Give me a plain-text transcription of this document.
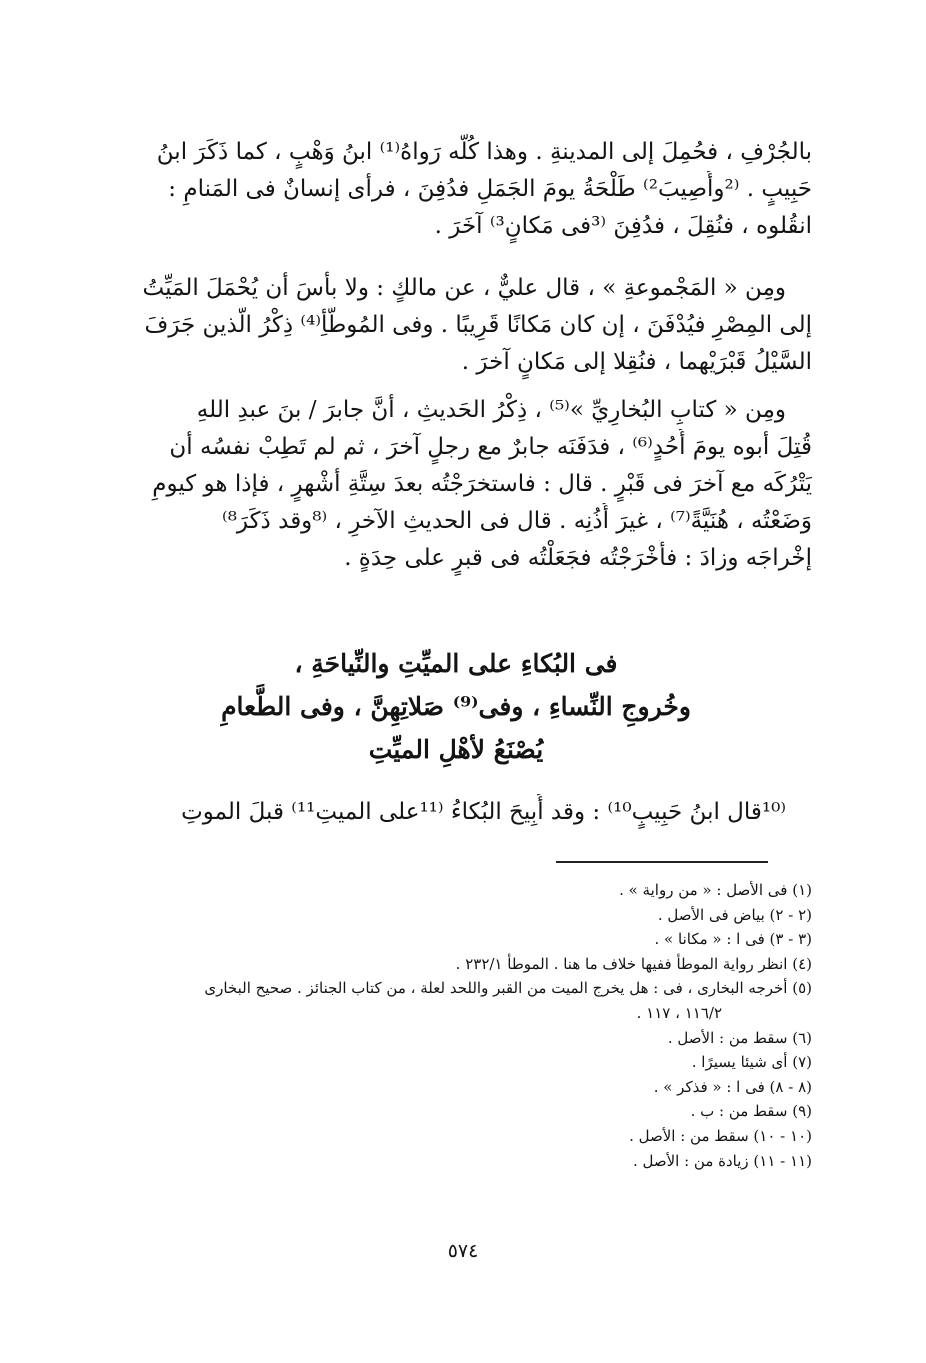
بالجُرْفِ ، فحُمِلَ إلى المدينةِ . وهذا كُلُّه رَواهُ⁽¹⁾ ابنُ وَهْبٍ ، كما ذَكَرَ ابنُ
حَبِيبٍ . ⁽²وأُصِيبَ²⁾ طَلْحَةُ يومَ الجَمَلِ فدُفِنَ ، فرأى إنسانٌ فى المَنامِ :
انقُلوه ، فنُقِلَ ، فدُفِنَ ⁽³فى مَكانٍ³⁾ آخَرَ .
ومِن « المَجْموعةِ » ، قال عليٌّ ، عن مالكٍ : ولا بأْسَ أن يُحْمَلَ المَيِّتُ
إلى المِصْرِ فيُدْفَنَ ، إن كان مَكانًا قَرِيبًا . وفى المُوطَّأِ⁽⁴⁾ ذِكْرُ الَّذين جَرَفَ
السَّيْلُ قَبْرَيْهما ، فنُقِلا إلى مَكانٍ آخرَ .
ومِن « كتابِ البُخارِيِّ »⁽⁵⁾ ، ذِكْرُ الحَديثِ ، أنَّ جابرَ / بنَ عبدِ اللهِ
قُتِلَ أبوه يومَ أُحُدٍ⁽⁶⁾ ، فدَفَنَه جابرٌ مع رجلٍ آخرَ ، ثم لم تَطِبْ نفسُه أن
يَتْرُكَه مع آخرَ فى قَبْرٍ . قال : فاستخرَجْتُه بعدَ سِتَّةِ أشْهرٍ ، فإذا هو كيومِ
وَضَعْتُه ، هُنَيَّةً⁽⁷⁾ ، غيرَ أُذُنِه . قال فى الحديثِ الآخرِ ، ⁽⁸وقد ذَكَرَ⁸⁾
إخْراجَه وزادَ : فأَخْرَجْتُه فجَعَلْتُه فى قبرٍ على حِدَةٍ .
فى البُكاءِ على الميِّتِ والنِّياحَةِ ،
وخُروجِ النِّساءِ ، وفى⁽⁹⁾ صَلاتِهِنَّ ، وفى الطَّعامِ
يُصْنَعُ لأهْلِ الميِّتِ
⁽¹⁰قال ابنُ حَبِيبٍ¹⁰⁾ : وقد أُبِيحَ البُكاءُ ⁽¹¹على الميتِ¹¹⁾ قبلَ الموتِ
(١) فى الأصل : « من رواية » .
(٢ - ٢) بياض فى الأصل .
(٣ - ٣) فى ا : « مكانا » .
(٤) انظر رواية الموطأ ففيها خلاف ما هنا . الموطأ ٢٣٢/١ .
(٥) أخرجه البخارى ، فى : هل يخرج الميت من القبر واللحد لعلة ، من كتاب الجنائز . صحيح البخارى
١١٦/٢ ، ١١٧ .
(٦) سقط من : الأصل .
(٧) أى شيئا يسيرًا .
(٨ - ٨) فى ا : « فذكر » .
(٩) سقط من : ب .
(١٠ - ١٠) سقط من : الأصل .
(١١ - ١١) زيادة من : الأصل .
٥٧٤
